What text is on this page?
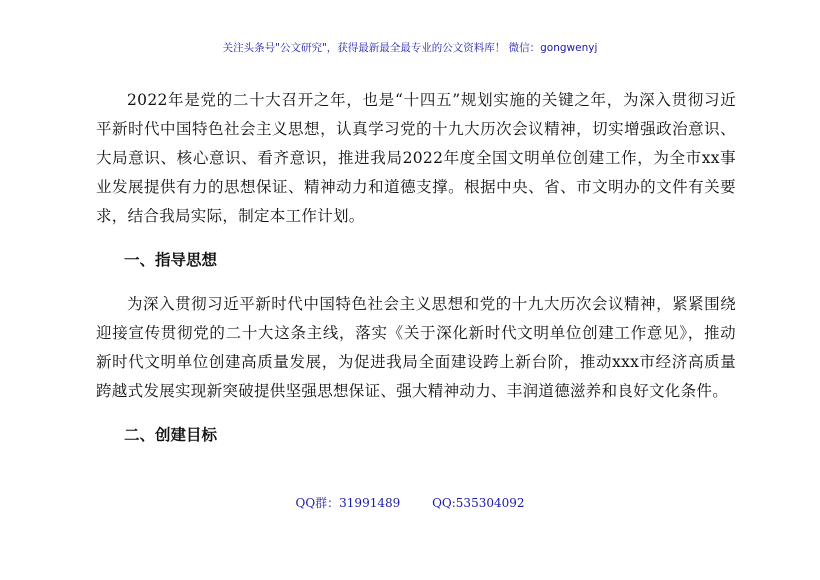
关注头条号"公文研究"，获得最新最全最专业的公文资料库！ 微信：gongwenyj

2022年是党的二十大召开之年，也是“十四五”规划实施的关键之年，为深入贯彻习近平新时代中国特色社会主义思想，认真学习党的十九大历次会议精神，切实增强政治意识、大局意识、核心意识、看齐意识，推进我局2022年度全国文明单位创建工作，为全市xx事业发展提供有力的思想保证、精神动力和道德支撑。根据中央、省、市文明办的文件有关要求，结合我局实际，制定本工作计划。

一、指导思想

为深入贯彻习近平新时代中国特色社会主义思想和党的十九大历次会议精神，紧紧围绕迎接宣传贯彻党的二十大这条主线，落实《关于深化新时代文明单位创建工作意见》，推动新时代文明单位创建高质量发展，为促进我局全面建设跨上新台阶，推动xxx市经济高质量跨越式发展实现新突破提供坚强思想保证、强大精神动力、丰润道德滋养和良好文化条件。

二、创建目标

QQ群：31991489	QQ:535304092
